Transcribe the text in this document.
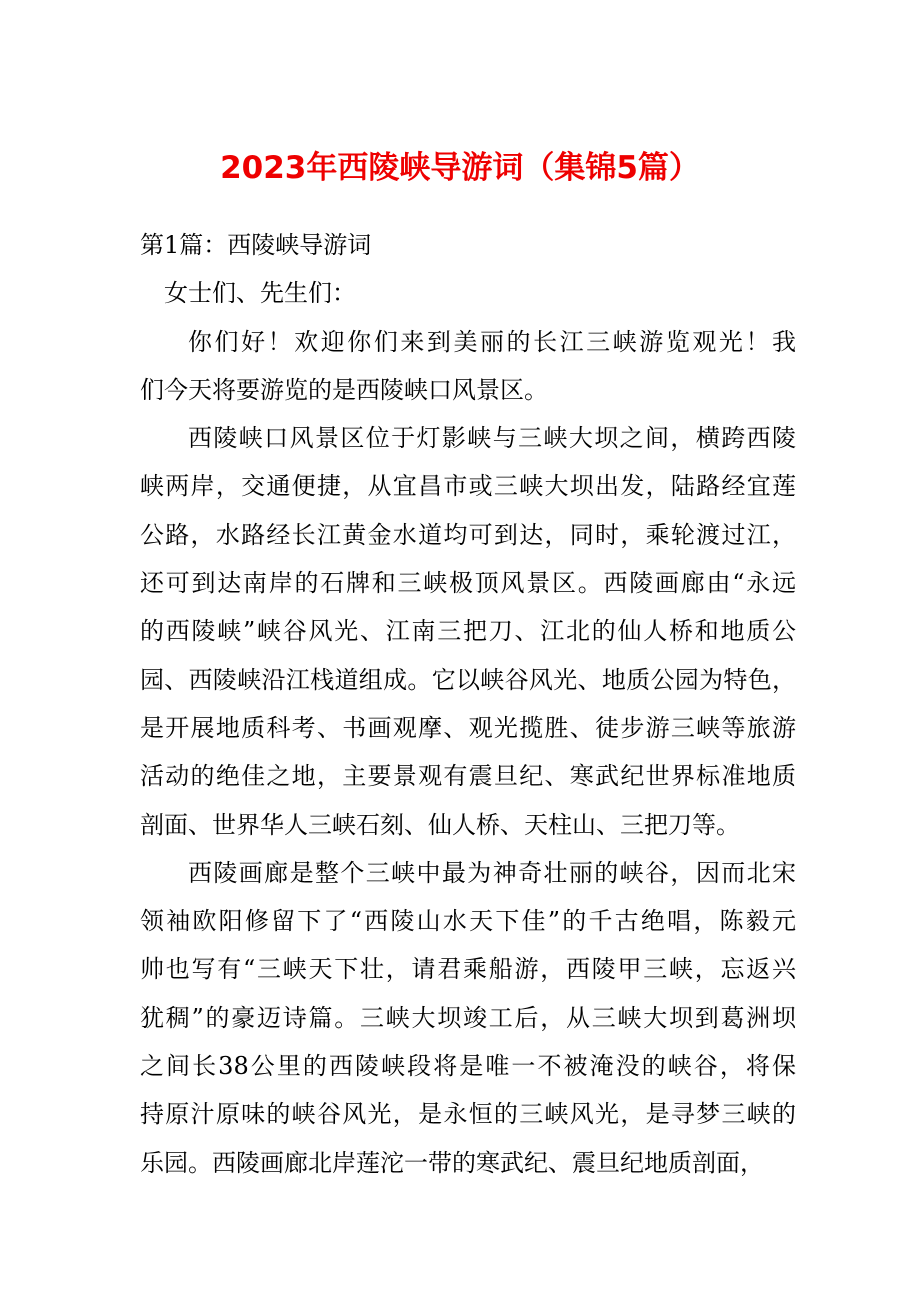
2023年西陵峡导游词（集锦5篇）
第1篇：西陵峡导游词
女士们、先生们：
你们好！欢迎你们来到美丽的长江三峡游览观光！我
们今天将要游览的是西陵峡口风景区。
西陵峡口风景区位于灯影峡与三峡大坝之间，横跨西陵
峡两岸，交通便捷，从宜昌市或三峡大坝出发，陆路经宜莲
公路，水路经长江黄金水道均可到达，同时，乘轮渡过江，
还可到达南岸的石牌和三峡极顶风景区。西陵画廊由“永远
的西陵峡”峡谷风光、江南三把刀、江北的仙人桥和地质公
园、西陵峡沿江栈道组成。它以峡谷风光、地质公园为特色，
是开展地质科考、书画观摩、观光揽胜、徒步游三峡等旅游
活动的绝佳之地，主要景观有震旦纪、寒武纪世界标准地质
剖面、世界华人三峡石刻、仙人桥、天柱山、三把刀等。
西陵画廊是整个三峡中最为神奇壮丽的峡谷，因而北宋
领袖欧阳修留下了“西陵山水天下佳”的千古绝唱，陈毅元
帅也写有“三峡天下壮，请君乘船游，西陵甲三峡，忘返兴
犹稠”的豪迈诗篇。三峡大坝竣工后，从三峡大坝到葛洲坝
之间长38公里的西陵峡段将是唯一不被淹没的峡谷，将保
持原汁原味的峡谷风光，是永恒的三峡风光，是寻梦三峡的
乐园。西陵画廊北岸莲沱一带的寒武纪、震旦纪地质剖面，
